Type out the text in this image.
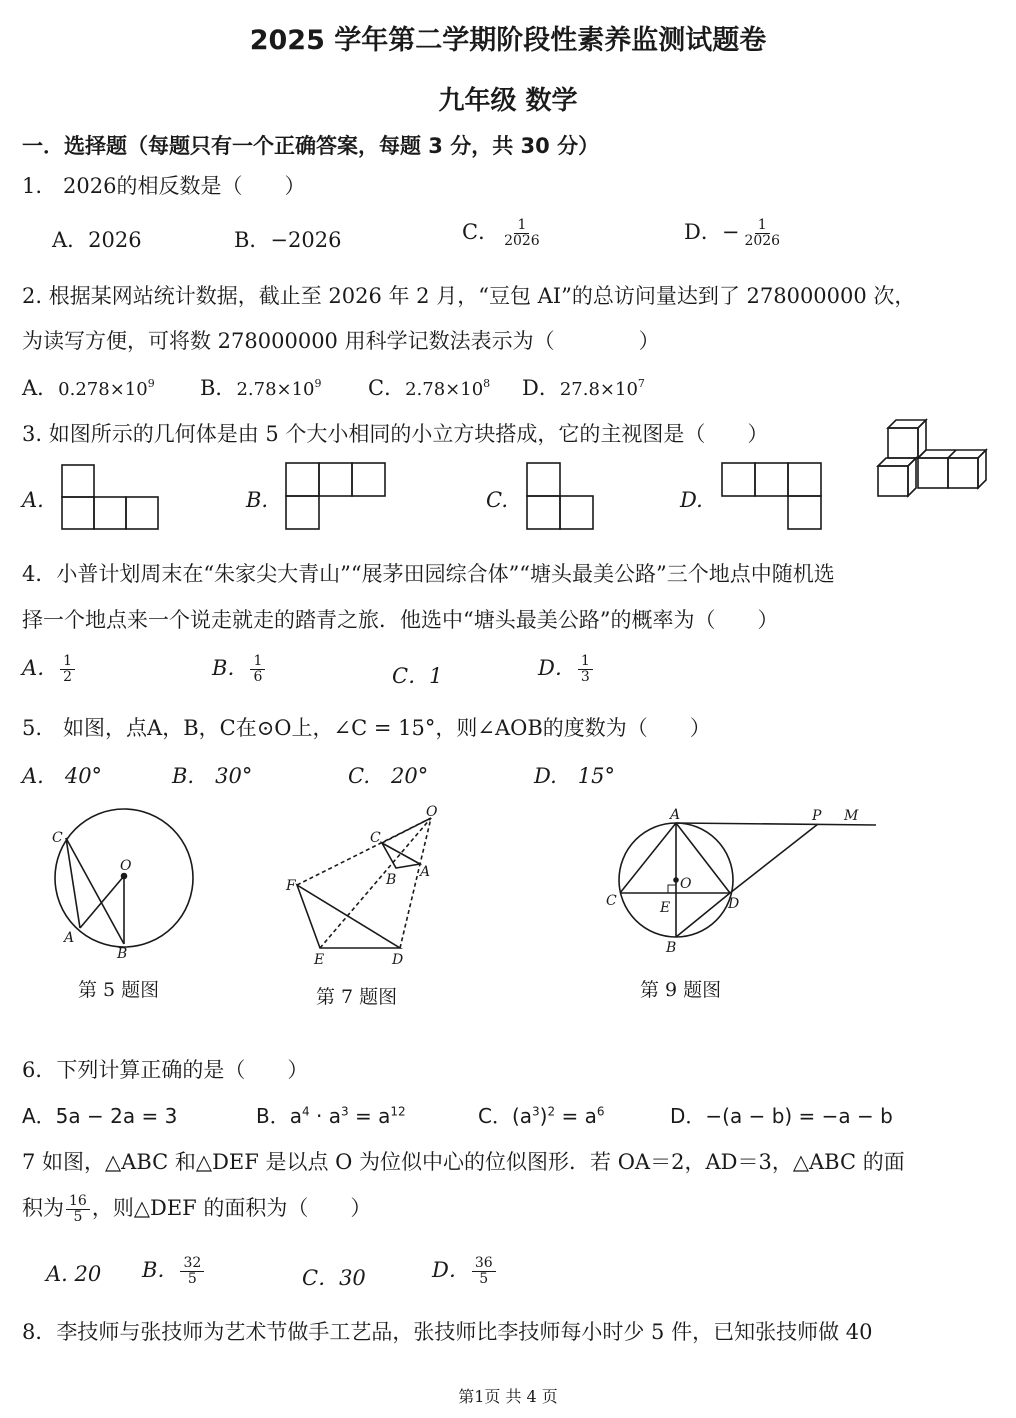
2025 学年第二学期阶段性素养监测试题卷
九年级 数学
一．选择题（每题只有一个正确答案，每题 3 分，共 30 分）
1.　2026的相反数是（　　）
A．2026	B．−2026	C． $\frac{1}{2026}$	D．− $\frac{1}{2026}$
2. 根据某网站统计数据，截止至 2026 年 2 月，“豆包 AI”的总访问量达到了 278000000 次，
为读写方便，可将数 278000000 用科学记数法表示为（　　　　）
A．$0.278\times 10^9$ B．$2.78\times 10^9$ C．$2.78\times 10^8$ D．$27.8\times 10^7$
3. 如图所示的几何体是由 5 个大小相同的小立方块搭成，它的主视图是（　　）
A.	B.	C.	D.
4．小普计划周末在“朱家尖大青山”“展茅田园综合体”“塘头最美公路”三个地点中随机选
择一个地点来一个说走就走的踏青之旅．他选中“塘头最美公路”的概率为（　　）
A． $\frac{1}{2}$	B． $\frac{1}{6}$	C．1	D． $\frac{1}{3}$
5.　如图，点A，B，C在⊙O上，∠C = 15°，则∠AOB的度数为（　　）
A.　40°	B.　30°	C.　20°	D.　15°
C
O
A
B
O
C
B A
F
E	D
A	P M
O
C	E	D
B
第 5 题图	第 7 题图	第 9 题图
6．下列计算正确的是（　　）
A．5a − 2a = 3	B．$a^4 \cdot a^3 = a^{12}$	C．$(a^3)^2 = a^6$	D．−(a − b) = −a − b
7 如图，△ABC 和△DEF 是以点 O 为位似中心的位似图形．若 OA＝2，AD＝3，△ABC 的面
积为 $\frac{16}{5}$ ，则△DEF 的面积为（　　）
A. 20 B． $\frac{32}{5}$	C．30	D． $\frac{36}{5}$
8．李技师与张技师为艺术节做手工艺品，张技师比李技师每小时少 5 件，已知张技师做 40
第1页 共 4 页
